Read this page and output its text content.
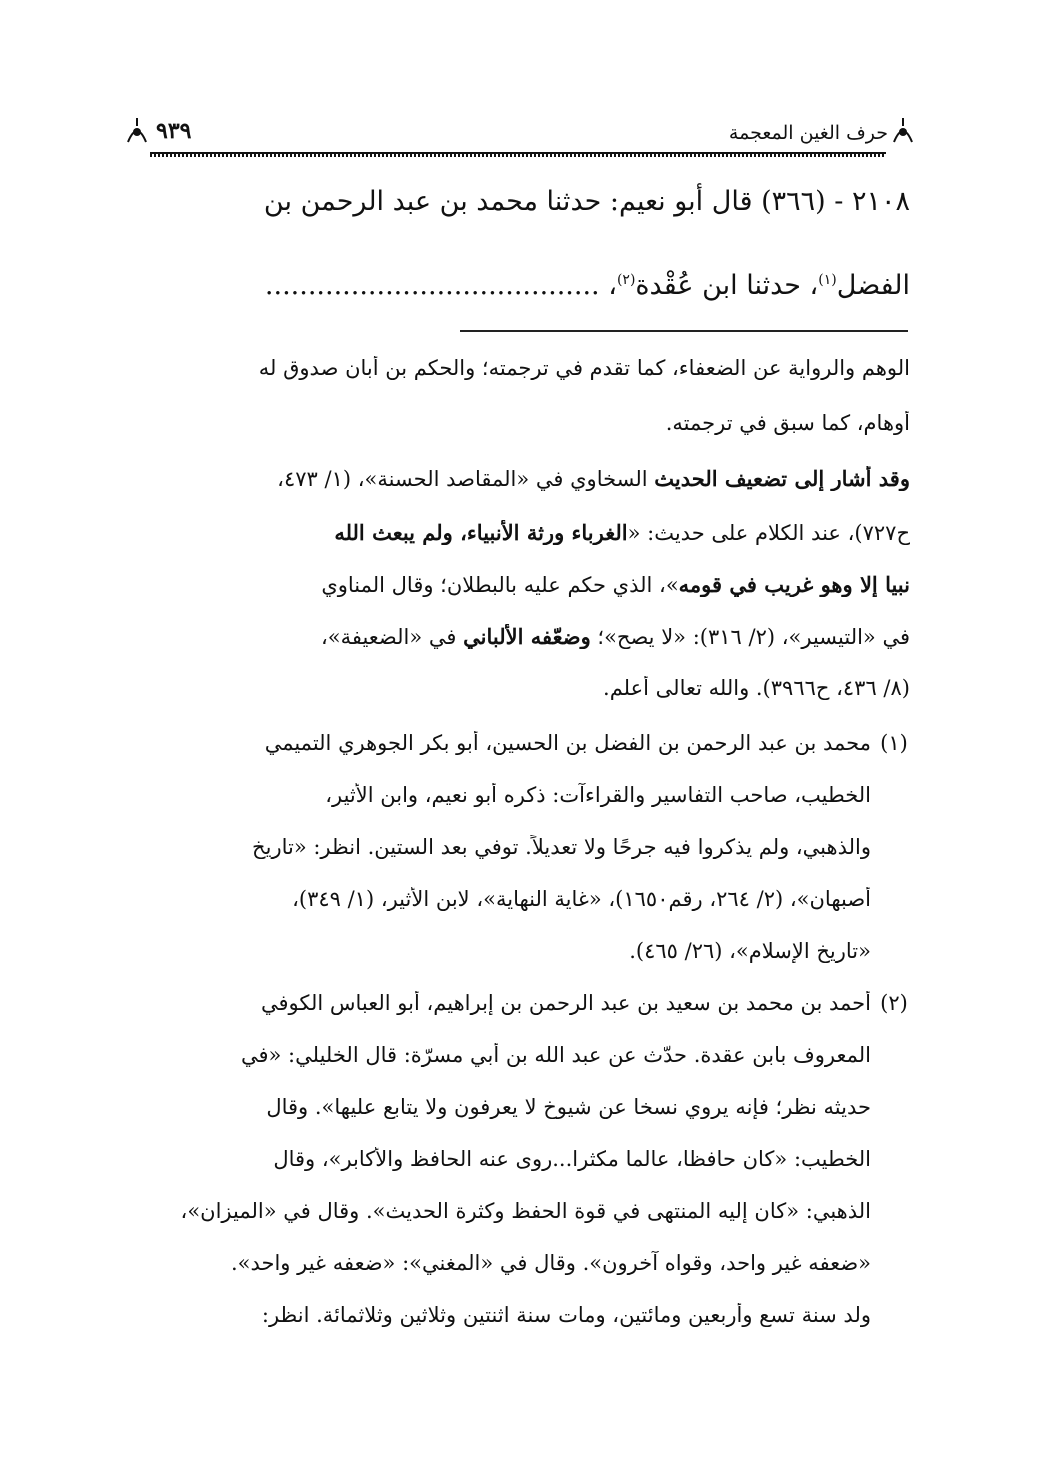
٩٣٩	حرف الغين المعجمة
٢١٠٨ - (٣٦٦) قال أبو نعيم: حدثنا محمد بن عبد الرحمن بن
الفضل$^{(١)}$، حدثنا ابن عُقْدة$^{(٢)}$، .......................................
الوهم والرواية عن الضعفاء، كما تقدم في ترجمته؛ والحكم بن أبان صدوق له
أوهام، كما سبق في ترجمته.
وقد أشار إلى تضعيف الحديث السخاوي في «المقاصد الحسنة»، (١/ ٤٧٣،
ح٧٢٧)، عند الكلام على حديث: «الغرباء ورثة الأنبياء، ولم يبعث الله
نبيا إلا وهو غريب في قومه»، الذي حكم عليه بالبطلان؛ وقال المناوي
في «التيسير»، (٢/ ٣١٦): «لا يصح»؛ وضعّفه الألباني في «الضعيفة»،
(٨/ ٤٣٦، ح٣٩٦٦). والله تعالى أعلم.
(١)
محمد بن عبد الرحمن بن الفضل بن الحسين، أبو بكر الجوهري التميمي
الخطيب، صاحب التفاسير والقراءآت: ذكره أبو نعيم، وابن الأثير،
والذهبي، ولم يذكروا فيه جرحًا ولا تعديلاً. توفي بعد الستين. انظر: «تاريخ
أصبهان»، (٢/ ٢٦٤، رقم١٦٥٠)، «غاية النهاية»، لابن الأثير، (١/ ٣٤٩)،
«تاريخ الإسلام»، (٢٦/ ٤٦٥).
(٢)
أحمد بن محمد بن سعيد بن عبد الرحمن بن إبراهيم، أبو العباس الكوفي
المعروف بابن عقدة. حدّث عن عبد الله بن أبي مسرّة: قال الخليلي: «في
حديثه نظر؛ فإنه يروي نسخا عن شيوخ لا يعرفون ولا يتابع عليها». وقال
الخطيب: «كان حافظا، عالما مكثرا...روى عنه الحافظ والأكابر»، وقال
الذهبي: «كان إليه المنتهى في قوة الحفظ وكثرة الحديث». وقال في «الميزان»،
«ضعفه غير واحد، وقواه آخرون». وقال في «المغني»: «ضعفه غير واحد».
ولد سنة تسع وأربعين ومائتين، ومات سنة اثنتين وثلاثين وثلاثمائة. انظر:
